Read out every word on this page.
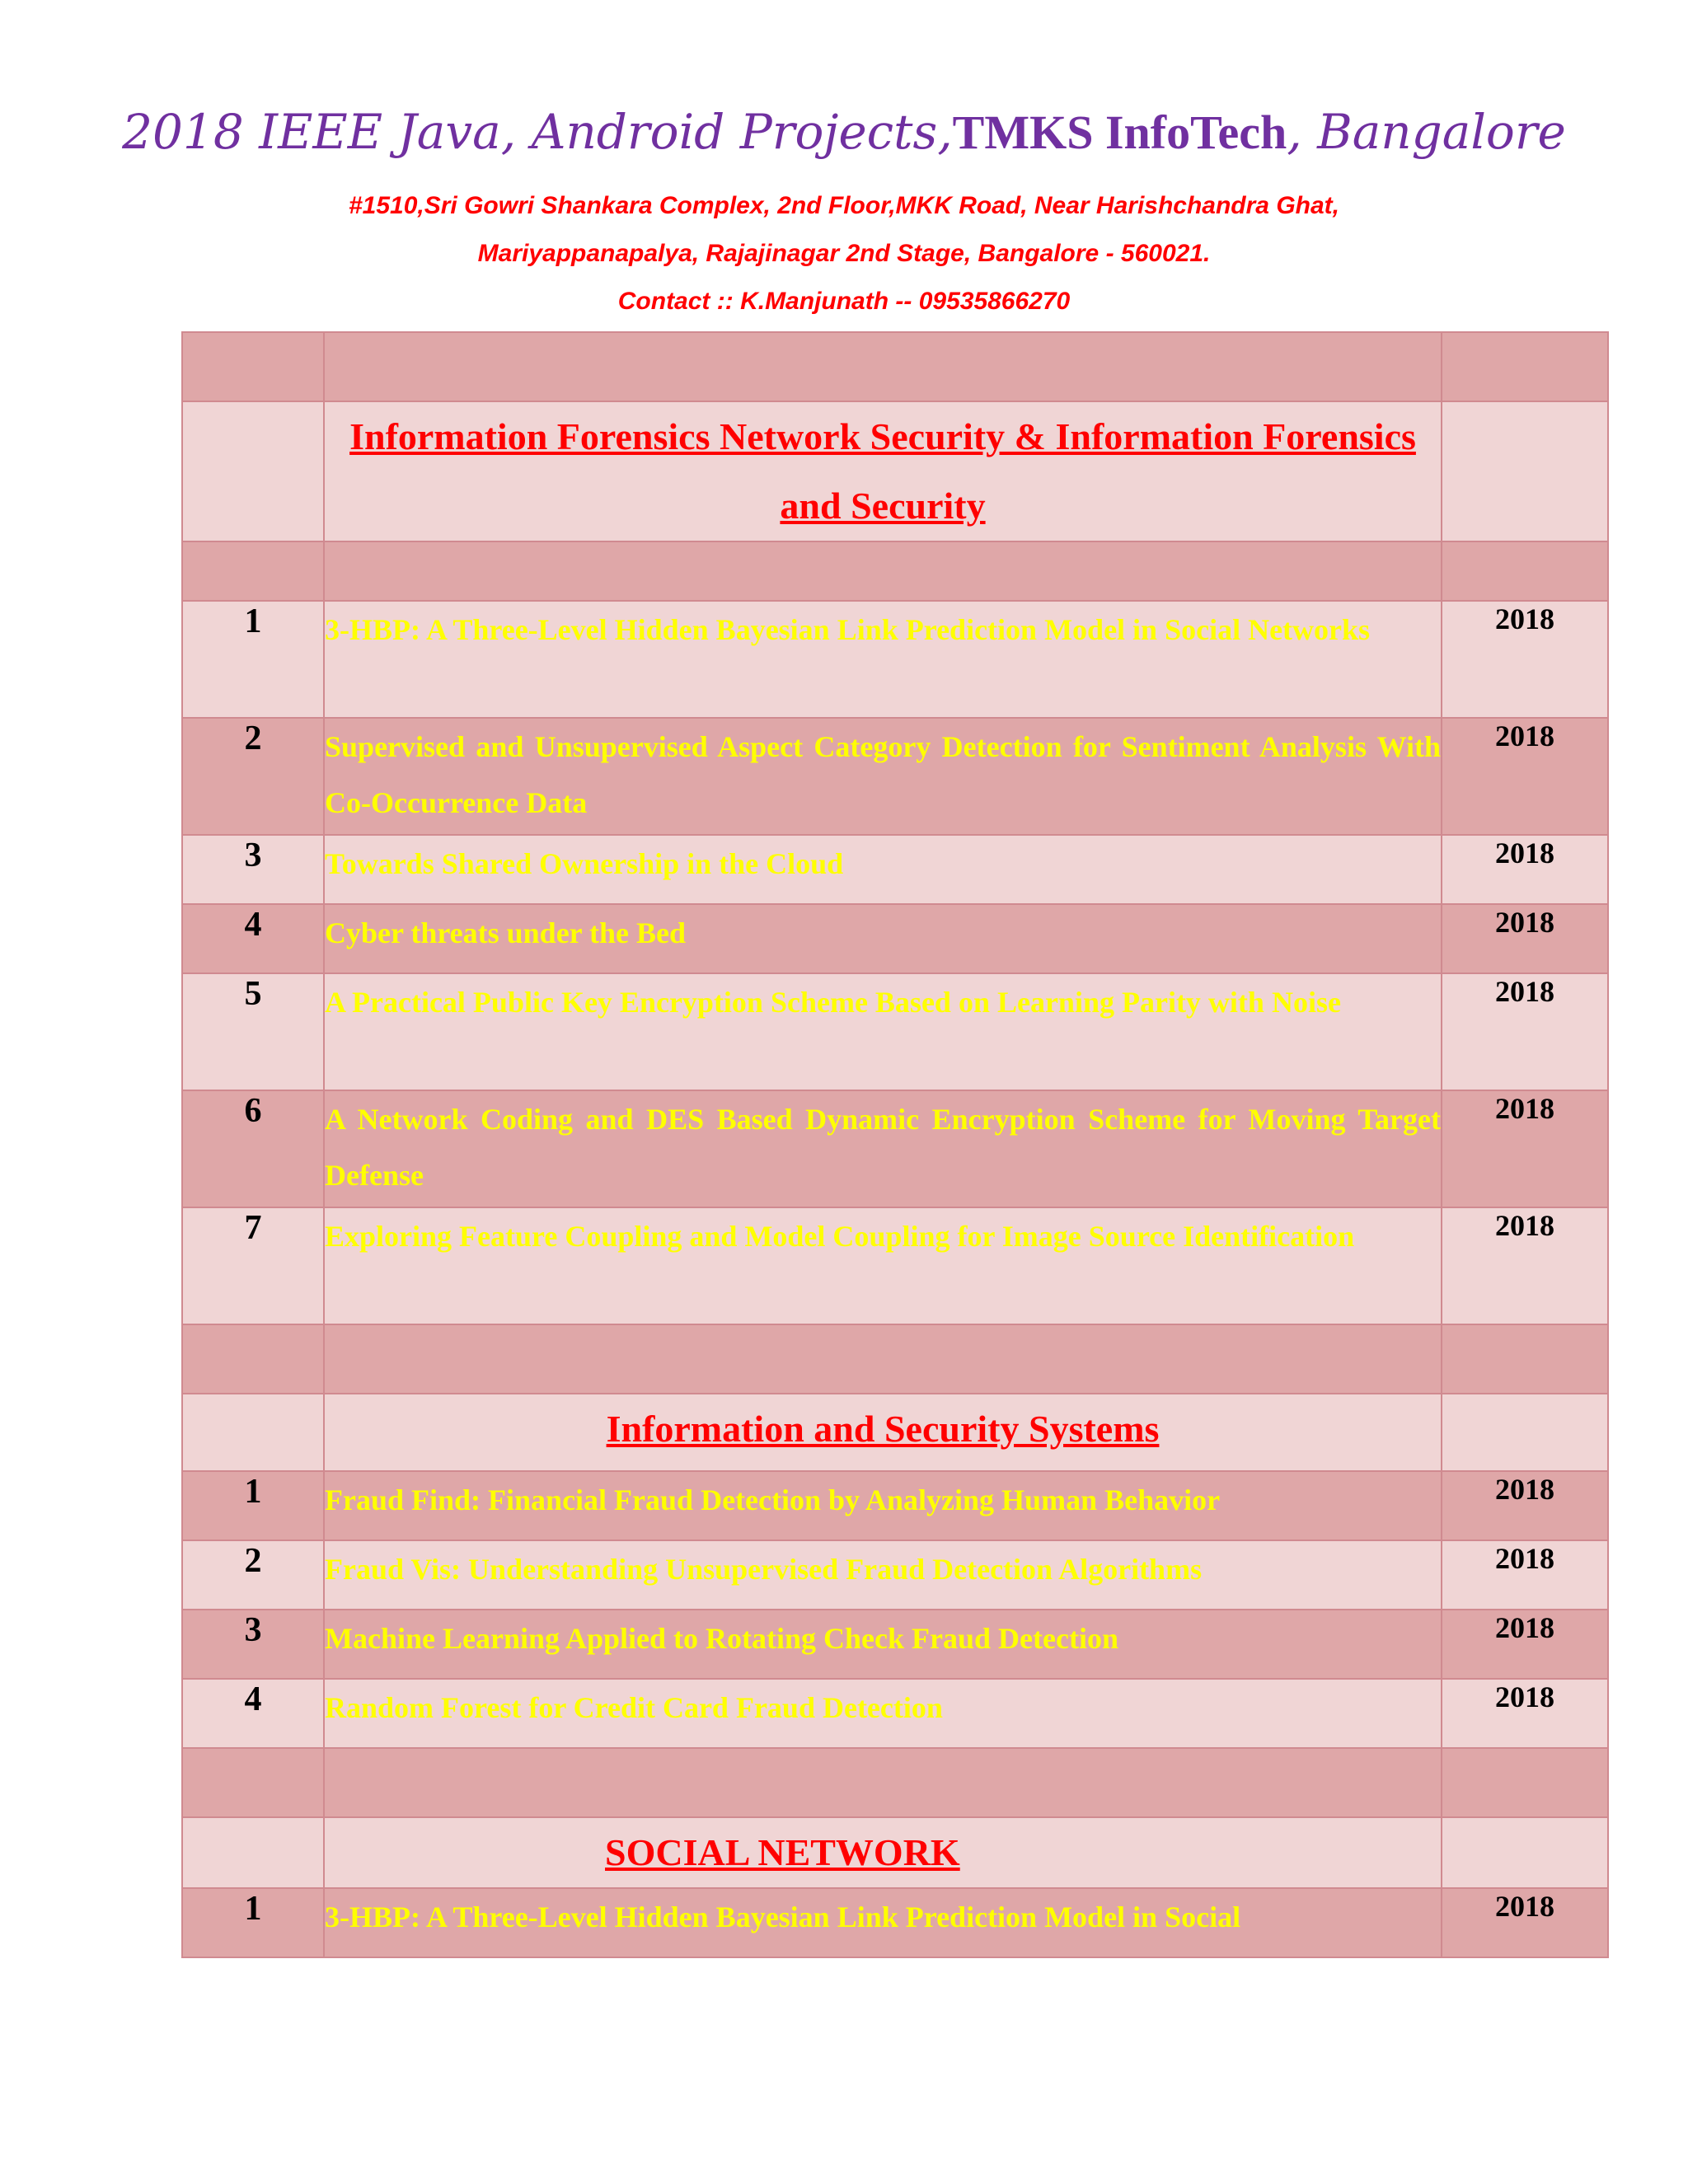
2018 IEEE Java, Android Projects,TMKS InfoTech, Bangalore
#1510,Sri Gowri Shankara Complex, 2nd Floor,MKK Road, Near Harishchandra Ghat,
Mariyappanapalya, Rajajinagar 2nd Stage, Bangalore - 560021.
Contact :: K.Manjunath -- 09535866270

	Information Forensics Network Security & Information Forensics and Security	

1	3-HBP: A Three-Level Hidden Bayesian Link Prediction Model in Social Networks	2018
2	Supervised and Unsupervised Aspect Category Detection for Sentiment Analysis With Co-Occurrence Data	2018
3	Towards Shared Ownership in the Cloud	2018
4	Cyber threats under the Bed	2018
5	A Practical Public Key Encryption Scheme Based on Learning Parity with Noise	2018
6	A Network Coding and DES Based Dynamic Encryption Scheme for Moving Target Defense	2018
7	Exploring Feature Coupling and Model Coupling for Image Source Identification	2018

	Information and Security Systems	
1	Fraud Find: Financial Fraud Detection by Analyzing Human Behavior	2018
2	Fraud Vis: Understanding Unsupervised Fraud Detection Algorithms	2018
3	Machine Learning Applied to Rotating Check Fraud Detection	2018
4	Random Forest for Credit Card Fraud Detection	2018

	SOCIAL NETWORK	
1	3-HBP: A Three-Level Hidden Bayesian Link Prediction Model in Social	2018
